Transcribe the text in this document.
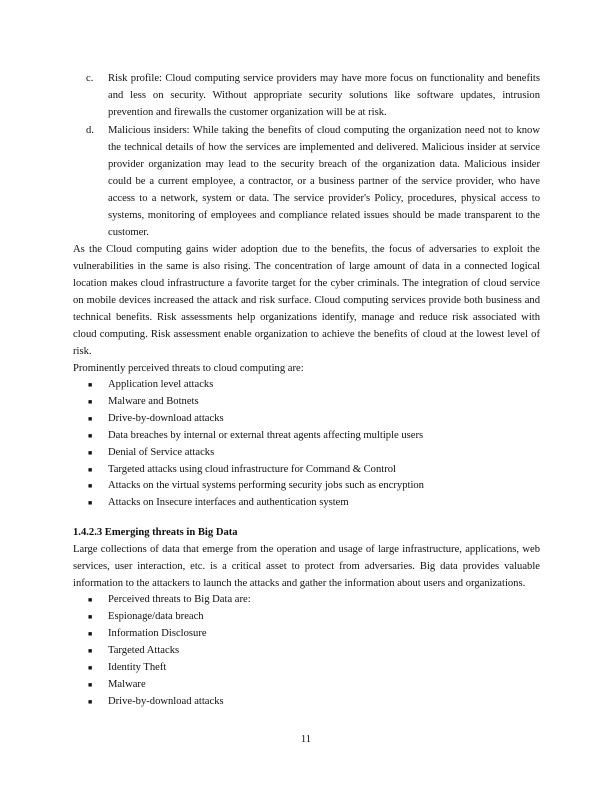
c. Risk profile: Cloud computing service providers may have more focus on functionality and benefits and less on security. Without appropriate security solutions like software updates, intrusion prevention and firewalls the customer organization will be at risk.

d. Malicious insiders: While taking the benefits of cloud computing the organization need not to know the technical details of how the services are implemented and delivered. Malicious insider at service provider organization may lead to the security breach of the organization data. Malicious insider could be a current employee, a contractor, or a business partner of the service provider, who have access to a network, system or data. The service provider's Policy, procedures, physical access to systems, monitoring of employees and compliance related issues should be made transparent to the customer.

As the Cloud computing gains wider adoption due to the benefits, the focus of adversaries to exploit the vulnerabilities in the same is also rising. The concentration of large amount of data in a connected logical location makes cloud infrastructure a favorite target for the cyber criminals. The integration of cloud service on mobile devices increased the attack and risk surface. Cloud computing services provide both business and technical benefits. Risk assessments help organizations identify, manage and reduce risk associated with cloud computing. Risk assessment enable organization to achieve the benefits of cloud at the lowest level of risk.

Prominently perceived threats to cloud computing are:

■ Application level attacks
■ Malware and Botnets
■ Drive-by-download attacks
■ Data breaches by internal or external threat agents affecting multiple users
■ Denial of Service attacks
■ Targeted attacks using cloud infrastructure for Command & Control
■ Attacks on the virtual systems performing security jobs such as encryption
■ Attacks on Insecure interfaces and authentication system

1.4.2.3 Emerging threats in Big Data

Large collections of data that emerge from the operation and usage of large infrastructure, applications, web services, user interaction, etc. is a critical asset to protect from adversaries. Big data provides valuable information to the attackers to launch the attacks and gather the information about users and organizations.

■ Perceived threats to Big Data are:
■ Espionage/data breach
■ Information Disclosure
■ Targeted Attacks
■ Identity Theft
■ Malware
■ Drive-by-download attacks
11
